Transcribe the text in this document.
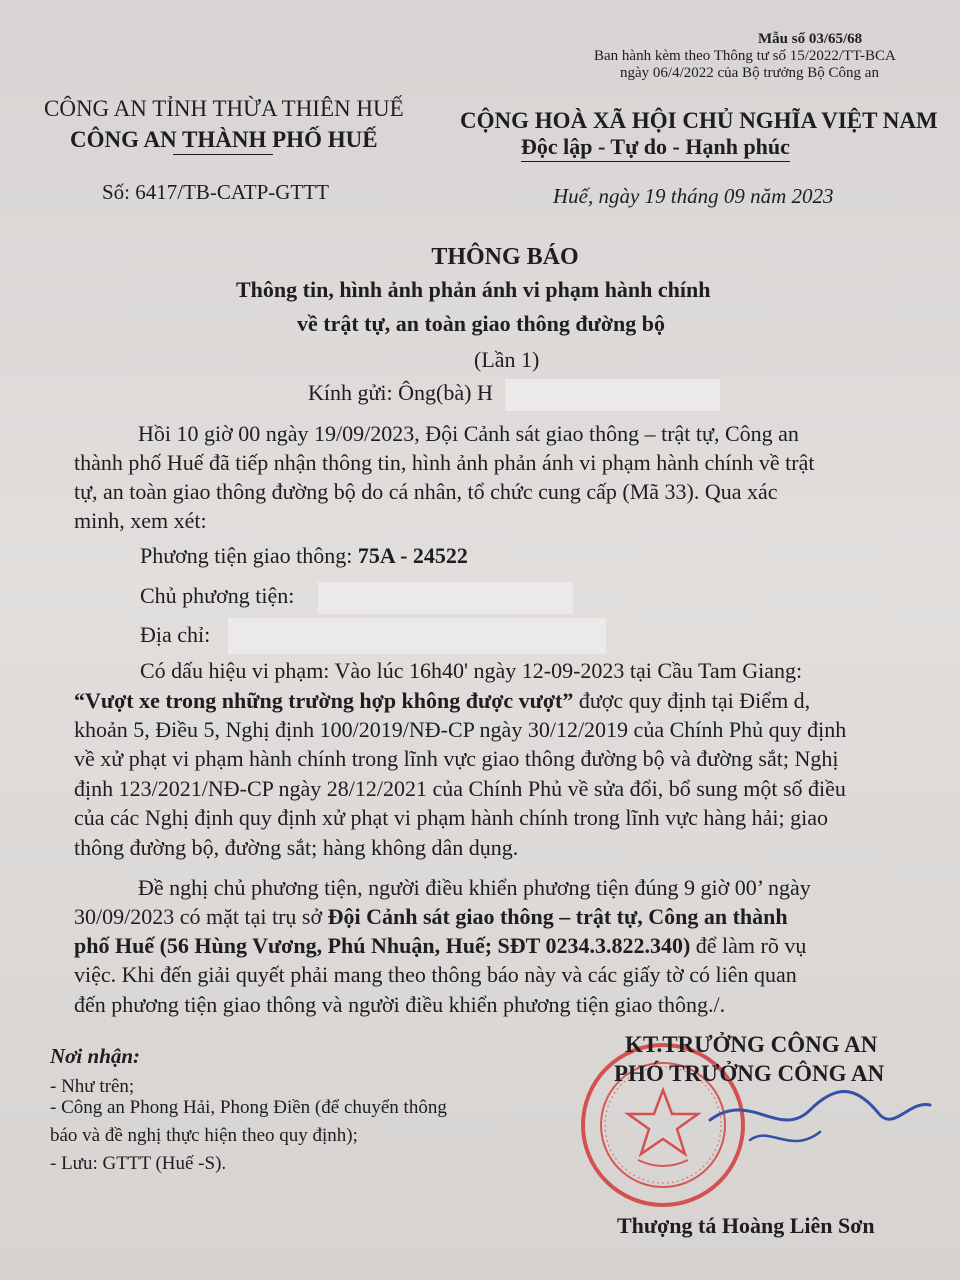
Mẫu số 03/65/68
Ban hành kèm theo Thông tư số 15/2022/TT-BCA
ngày 06/4/2022 của Bộ trưởng Bộ Công an
CÔNG AN TỈNH THỪA THIÊN HUẾ
CÔNG AN THÀNH PHỐ HUẾ
Số: 6417/TB-CATP-GTTT
CỘNG HOÀ XÃ HỘI CHỦ NGHĨA VIỆT NAM
Độc lập - Tự do - Hạnh phúc
Huế, ngày 19 tháng 09 năm 2023
THÔNG BÁO
Thông tin, hình ảnh phản ánh vi phạm hành chính
về trật tự, an toàn giao thông đường bộ
(Lần 1)
Kính gửi: Ông(bà) H
Hồi 10 giờ 00 ngày 19/09/2023, Đội Cảnh sát giao thông – trật tự, Công an
thành phố Huế đã tiếp nhận thông tin, hình ảnh phản ánh vi phạm hành chính về trật
tự, an toàn giao thông đường bộ do cá nhân, tổ chức cung cấp (Mã 33). Qua xác
minh, xem xét:
Phương tiện giao thông: 75A - 24522
Chủ phương tiện:
Địa chỉ:
Có dấu hiệu vi phạm: Vào lúc 16h40' ngày 12-09-2023 tại Cầu Tam Giang:
“Vượt xe trong những trường hợp không được vượt” được quy định tại Điểm d,
khoản 5, Điều 5, Nghị định 100/2019/NĐ-CP ngày 30/12/2019 của Chính Phủ quy định
về xử phạt vi phạm hành chính trong lĩnh vực giao thông đường bộ và đường sắt; Nghị
định 123/2021/NĐ-CP ngày 28/12/2021 của Chính Phủ về sửa đổi, bổ sung một số điều
của các Nghị định quy định xử phạt vi phạm hành chính trong lĩnh vực hàng hải; giao
thông đường bộ, đường sắt; hàng không dân dụng.
Đề nghị chủ phương tiện, người điều khiển phương tiện đúng 9 giờ 00’ ngày
30/09/2023 có mặt tại trụ sở Đội Cảnh sát giao thông – trật tự, Công an thành
phố Huế (56 Hùng Vương, Phú Nhuận, Huế; SĐT 0234.3.822.340) để làm rõ vụ
việc. Khi đến giải quyết phải mang theo thông báo này và các giấy tờ có liên quan
đến phương tiện giao thông và người điều khiển phương tiện giao thông./.
Nơi nhận:
- Như trên;
- Công an Phong Hải, Phong Điền (để chuyển thông
báo và đề nghị thực hiện theo quy định);
- Lưu: GTTT (Huế -S).
KT.TRƯỞNG CÔNG AN
PHÓ TRƯỞNG CÔNG AN
Thượng tá Hoàng Liên Sơn
